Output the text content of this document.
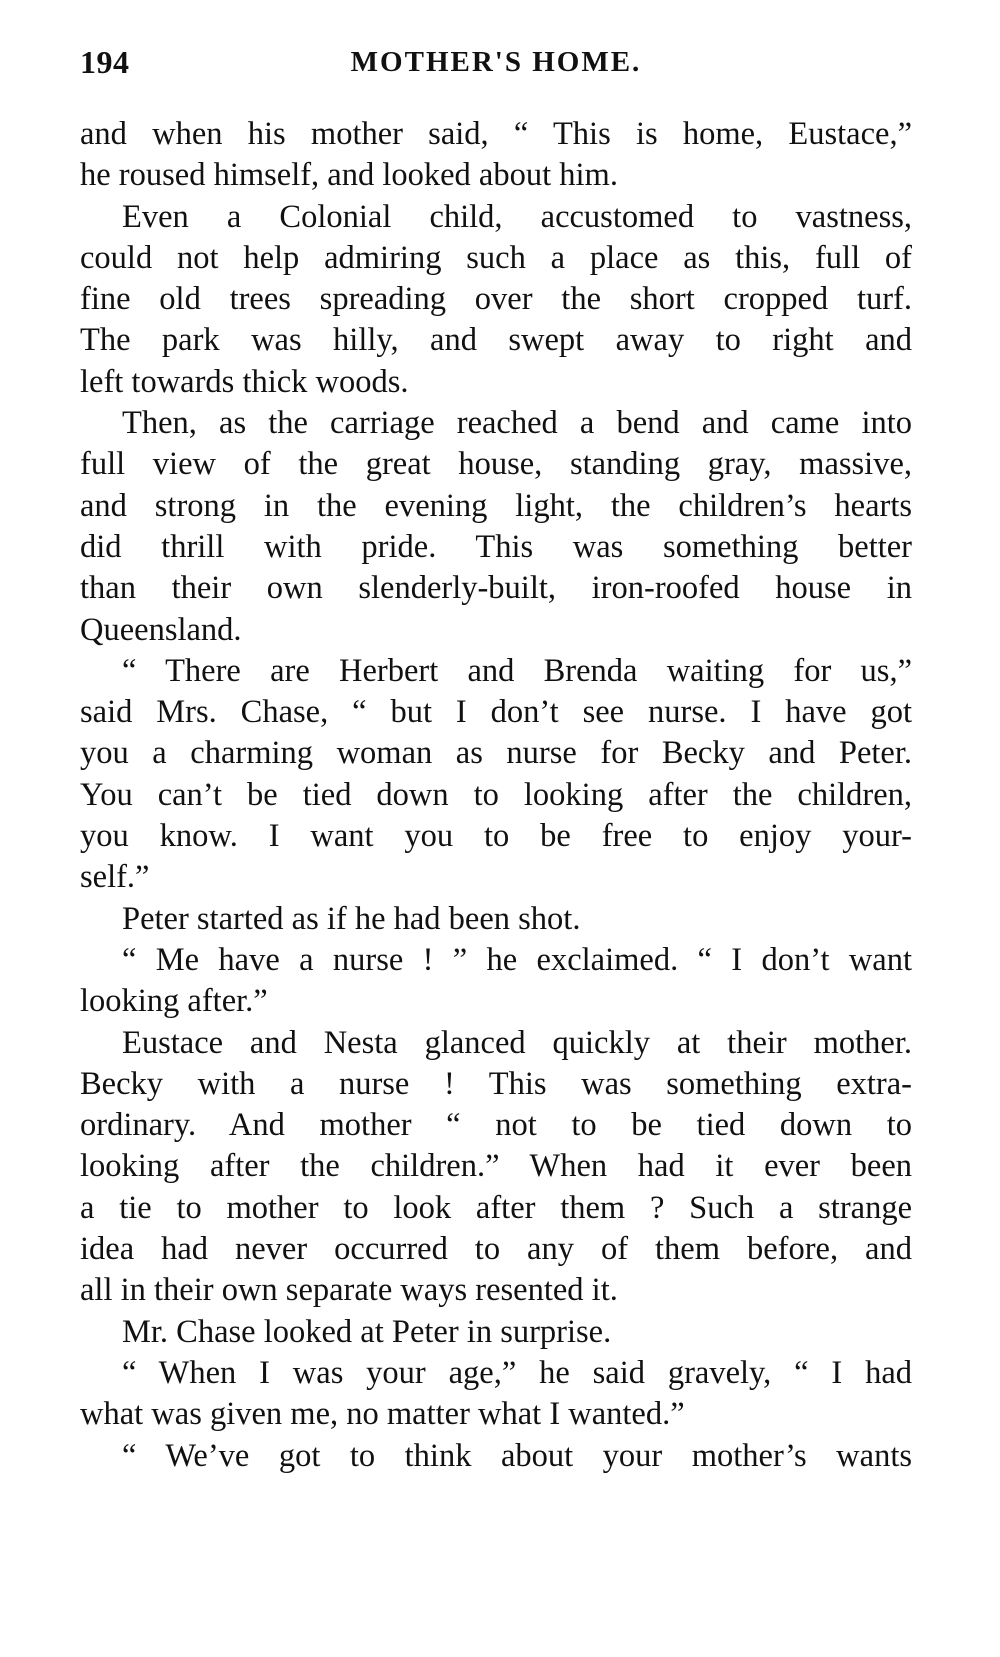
194	MOTHER'S HOME.
and when his mother said, “ This is home, Eustace,”
he roused himself, and looked about him.
Even a Colonial child, accustomed to vastness,
could not help admiring such a place as this, full of
fine old trees spreading over the short cropped turf.
The park was hilly, and swept away to right and
left towards thick woods.
Then, as the carriage reached a bend and came into
full view of the great house, standing gray, massive,
and strong in the evening light, the children’s hearts
did thrill with pride. This was something better
than their own slenderly-built, iron-roofed house in
Queensland.
“ There are Herbert and Brenda waiting for us,”
said Mrs. Chase, “ but I don’t see nurse. I have got
you a charming woman as nurse for Becky and Peter.
You can’t be tied down to looking after the children,
you know. I want you to be free to enjoy your-
self.”
Peter started as if he had been shot.
“ Me have a nurse ! ” he exclaimed. “ I don’t want
looking after.”
Eustace and Nesta glanced quickly at their mother.
Becky with a nurse ! This was something extra-
ordinary. And mother “ not to be tied down to
looking after the children.” When had it ever been
a tie to mother to look after them ? Such a strange
idea had never occurred to any of them before, and
all in their own separate ways resented it.
Mr. Chase looked at Peter in surprise.
“ When I was your age,” he said gravely, “ I had
what was given me, no matter what I wanted.”
“ We’ve got to think about your mother’s wants
